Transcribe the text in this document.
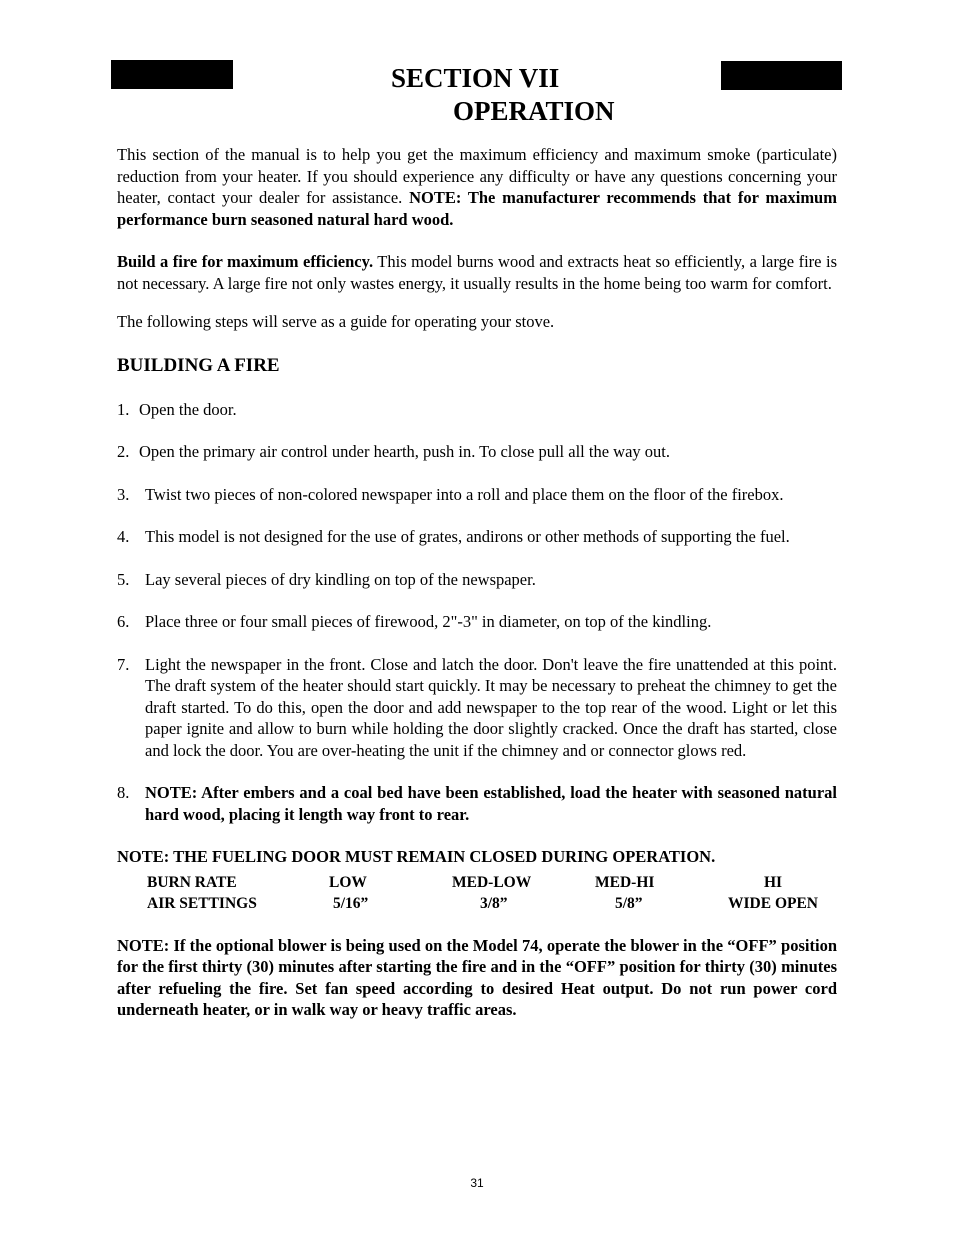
SECTION VII
OPERATION

This section of the manual is to help you get the maximum efficiency and maximum smoke (particulate) reduction from your heater. If you should experience any difficulty or have any questions concerning your heater, contact your dealer for assistance. NOTE: The manufacturer recommends that for maximum performance burn seasoned natural hard wood.

Build a fire for maximum efficiency. This model burns wood and extracts heat so efficiently, a large fire is not necessary. A large fire not only wastes energy, it usually results in the home being too warm for comfort.

The following steps will serve as a guide for operating your stove.

BUILDING A FIRE
1. Open the door.
2. Open the primary air control under hearth, push in. To close pull all the way out.
3. Twist two pieces of non-colored newspaper into a roll and place them on the floor of the firebox.
4. This model is not designed for the use of grates, andirons or other methods of supporting the fuel.
5. Lay several pieces of dry kindling on top of the newspaper.
6. Place three or four small pieces of firewood, 2"-3" in diameter, on top of the kindling.
7. Light the newspaper in the front. Close and latch the door. Don't leave the fire unattended at this point. The draft system of the heater should start quickly. It may be necessary to preheat the chimney to get the draft started. To do this, open the door and add newspaper to the top rear of the wood. Light or let this paper ignite and allow to burn while holding the door slightly cracked. Once the draft has started, close and lock the door. You are over-heating the unit if the chimney and or connector glows red.
8. NOTE: After embers and a coal bed have been established, load the heater with seasoned natural hard wood, placing it length way front to rear.

NOTE: THE FUELING DOOR MUST REMAIN CLOSED DURING OPERATION.

BURN RATE	LOW	MED-LOW	MED-HI	HI
AIR SETTINGS	5/16”	3/8”	5/8”	WIDE OPEN

NOTE: If the optional blower is being used on the Model 74, operate the blower in the “OFF” position for the first thirty (30) minutes after starting the fire and in the “OFF” position for thirty (30) minutes after refueling the fire. Set fan speed according to desired Heat output. Do not run power cord underneath heater, or in walk way or heavy traffic areas.

31
